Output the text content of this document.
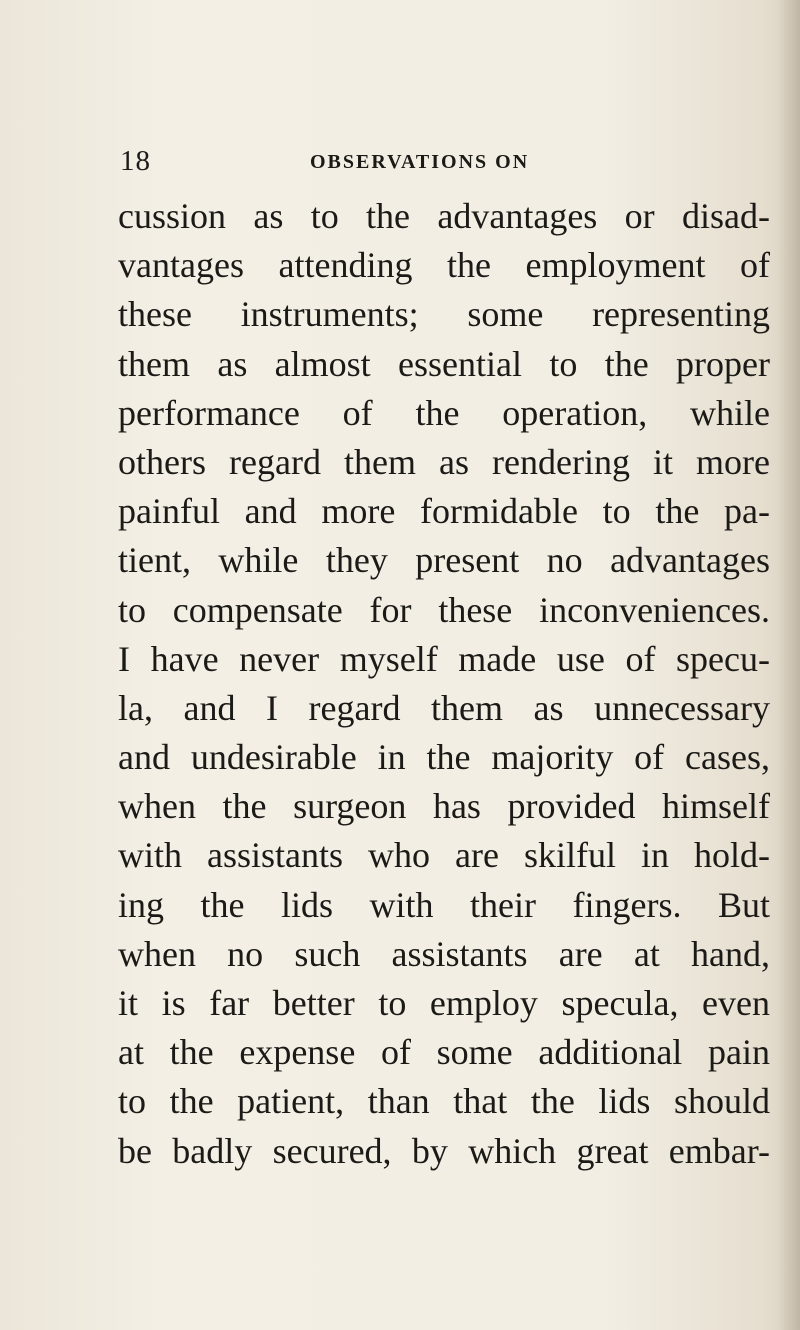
18	OBSERVATIONS ON
cussion as to the advantages or disad-
vantages attending the employment of
these instruments; some representing
them as almost essential to the proper
performance of the operation, while
others regard them as rendering it more
painful and more formidable to the pa-
tient, while they present no advantages
to compensate for these inconveniences.
I have never myself made use of specu-
la, and I regard them as unnecessary
and undesirable in the majority of cases,
when the surgeon has provided himself
with assistants who are skilful in hold-
ing the lids with their fingers. But
when no such assistants are at hand,
it is far better to employ specula, even
at the expense of some additional pain
to the patient, than that the lids should
be badly secured, by which great embar-
